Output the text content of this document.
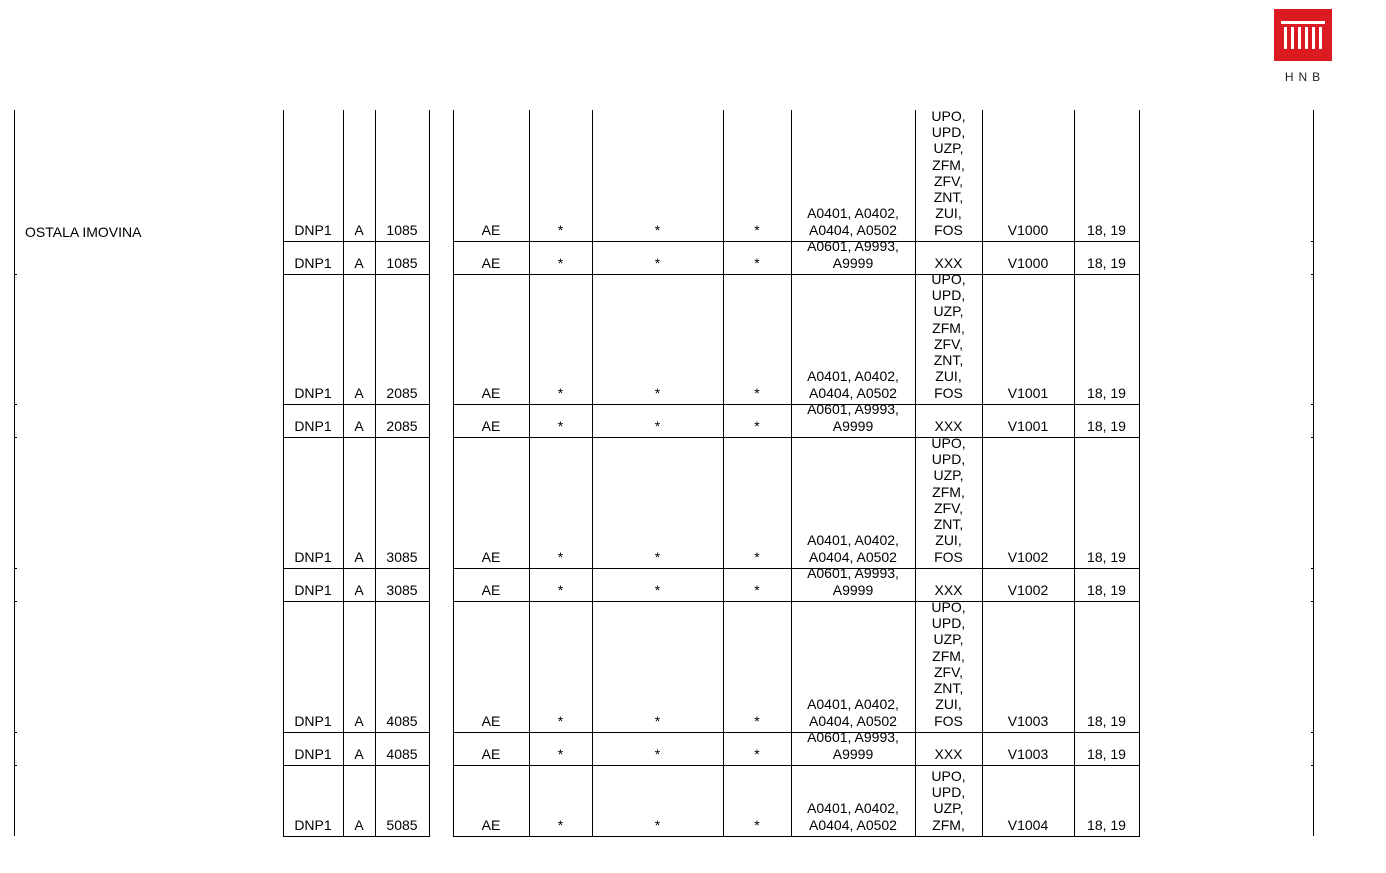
HNB
OSTALA IMOVINA	DNP1	A	1085	AE	*	*	*
A0401, A0402,
A0404, A0502
UPO,
UPD,
UZP,
ZFM,
ZFV,
ZNT,
ZUI,
FOS	V1000	18, 19
DNP1	A	1085	AE	*	*	*
A0601, A9993,
A9999	XXX	V1000	18, 19
DNP1	A	2085	AE	*	*	*
A0401, A0402,
A0404, A0502
UPO,
UPD,
UZP,
ZFM,
ZFV,
ZNT,
ZUI,
FOS	V1001	18, 19
DNP1	A	2085	AE	*	*	*
A0601, A9993,
A9999	XXX	V1001	18, 19
DNP1	A	3085	AE	*	*	*
A0401, A0402,
A0404, A0502
UPO,
UPD,
UZP,
ZFM,
ZFV,
ZNT,
ZUI,
FOS	V1002	18, 19
DNP1	A	3085	AE	*	*	*
A0601, A9993,
A9999	XXX	V1002	18, 19
DNP1	A	4085	AE	*	*	*
A0401, A0402,
A0404, A0502
UPO,
UPD,
UZP,
ZFM,
ZFV,
ZNT,
ZUI,
FOS	V1003	18, 19
DNP1	A	4085	AE	*	*	*
A0601, A9993,
A9999	XXX	V1003	18, 19
DNP1	A	5085	AE	*	*	*
A0401, A0402,
A0404, A0502
UPO,
UPD,
UZP,
ZFM,	V1004	18, 19
